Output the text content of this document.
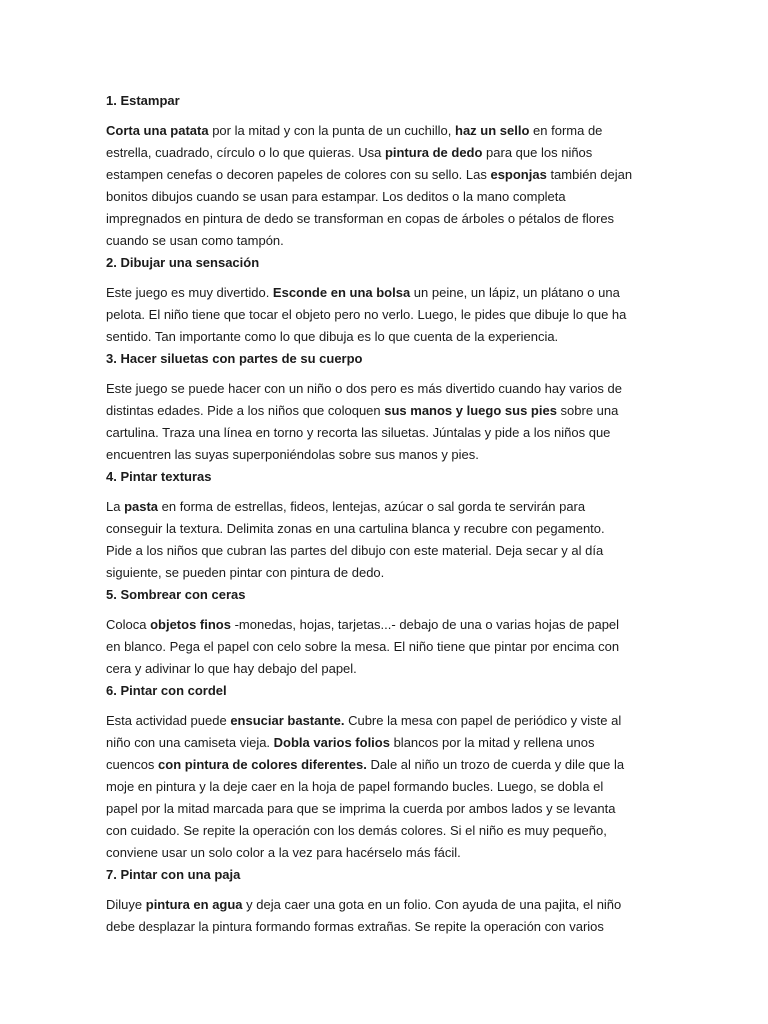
1. Estampar
Corta una patata por la mitad y con la punta de un cuchillo, haz un sello en forma de
estrella, cuadrado, círculo o lo que quieras. Usa pintura de dedo para que los niños
estampen cenefas o decoren papeles de colores con su sello. Las esponjas también dejan
bonitos dibujos cuando se usan para estampar. Los deditos o la mano completa
impregnados en pintura de dedo se transforman en copas de árboles o pétalos de flores
cuando se usan como tampón.
2. Dibujar una sensación
Este juego es muy divertido. Esconde en una bolsa un peine, un lápiz, un plátano o una
pelota. El niño tiene que tocar el objeto pero no verlo. Luego, le pides que dibuje lo que ha
sentido. Tan importante como lo que dibuja es lo que cuenta de la experiencia.
3. Hacer siluetas con partes de su cuerpo
Este juego se puede hacer con un niño o dos pero es más divertido cuando hay varios de
distintas edades. Pide a los niños que coloquen sus manos y luego sus pies sobre una
cartulina. Traza una línea en torno y recorta las siluetas. Júntalas y pide a los niños que
encuentren las suyas superponiéndolas sobre sus manos y pies.
4. Pintar texturas
La pasta en forma de estrellas, fideos, lentejas, azúcar o sal gorda te servirán para
conseguir la textura. Delimita zonas en una cartulina blanca y recubre con pegamento.
Pide a los niños que cubran las partes del dibujo con este material. Deja secar y al día
siguiente, se pueden pintar con pintura de dedo.
5. Sombrear con ceras
Coloca objetos finos -monedas, hojas, tarjetas...- debajo de una o varias hojas de papel
en blanco. Pega el papel con celo sobre la mesa. El niño tiene que pintar por encima con
cera y adivinar lo que hay debajo del papel.
6. Pintar con cordel
Esta actividad puede ensuciar bastante. Cubre la mesa con papel de periódico y viste al
niño con una camiseta vieja. Dobla varios folios blancos por la mitad y rellena unos
cuencos con pintura de colores diferentes. Dale al niño un trozo de cuerda y dile que la
moje en pintura y la deje caer en la hoja de papel formando bucles. Luego, se dobla el
papel por la mitad marcada para que se imprima la cuerda por ambos lados y se levanta
con cuidado. Se repite la operación con los demás colores. Si el niño es muy pequeño,
conviene usar un solo color a la vez para hacérselo más fácil.
7. Pintar con una paja
Diluye pintura en agua y deja caer una gota en un folio. Con ayuda de una pajita, el niño
debe desplazar la pintura formando formas extrañas. Se repite la operación con varios
